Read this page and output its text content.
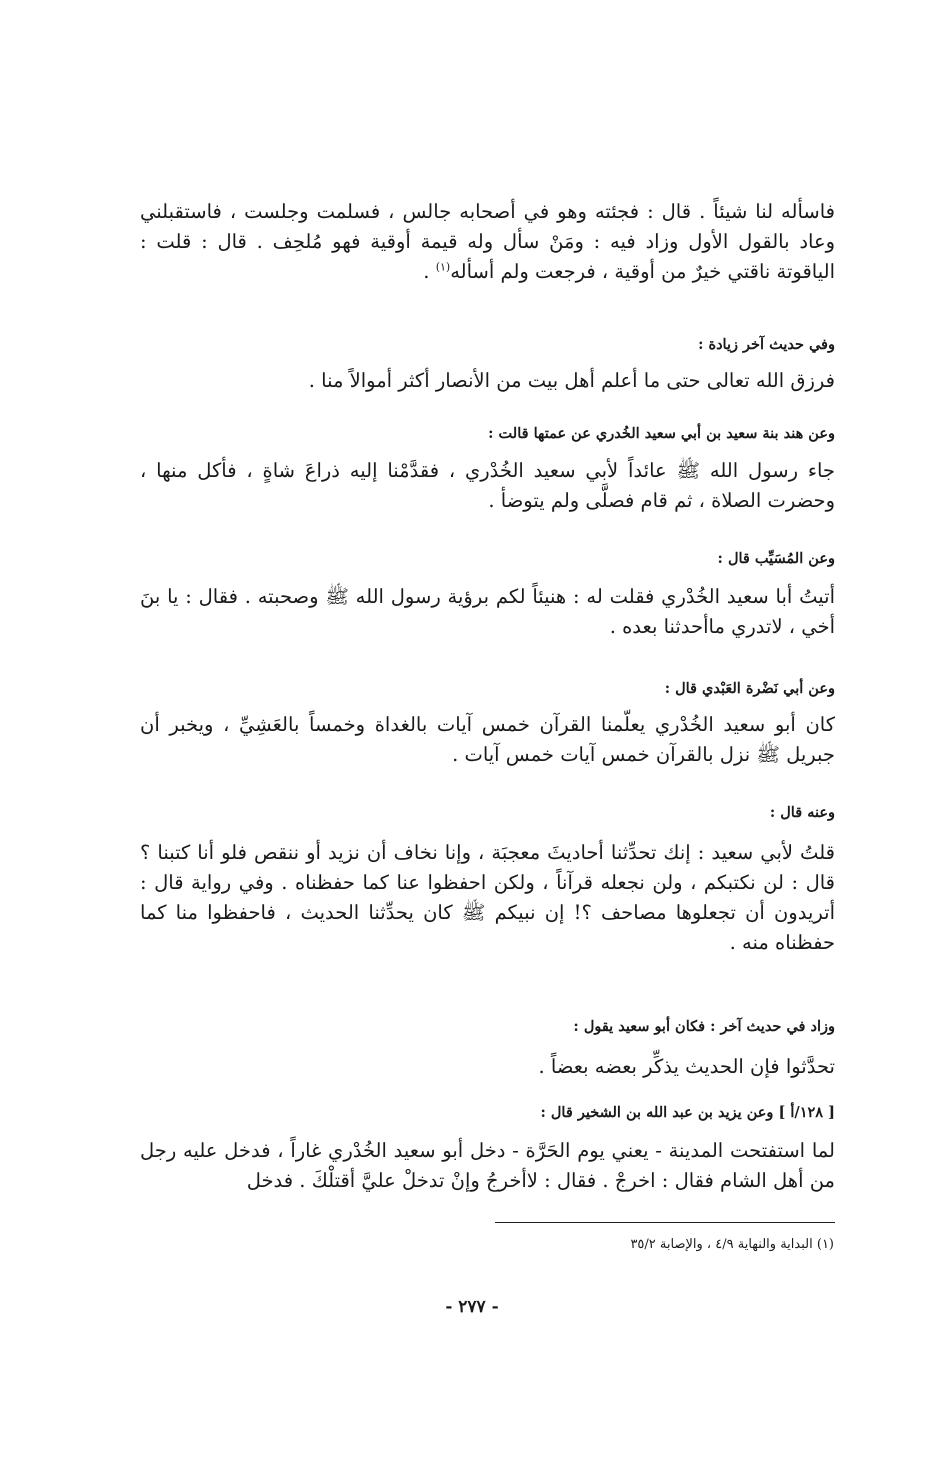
فاسأله لنا شيئاً . قال : فجئته وهو في أصحابه جالس ، فسلمت وجلست ، فاستقبلني وعاد بالقول الأول وزاد فيه : ومَنْ سأل وله قيمة أوقية فهو مُلحِف . قال : قلت : الياقوتة ناقتي خيرٌ من أوقية ، فرجعت ولم أسأله$^{(١)}$ .

وفي حديث آخر زيادة :

فرزق الله تعالى حتى ما أعلم أهل بيت من الأنصار أكثر أموالاً منا .

وعن هند بنة سعيد بن أبي سعيد الخُدري عن عمتها قالت :

جاء رسول الله ﷺ عائداً لأبي سعيد الخُدْري ، فقدَّمْنا إليه ذراعَ شاةٍ ، فأكل منها ، وحضرت الصلاة ، ثم قام فصلَّى ولم يتوضأ .

وعن المُسَيِّب قال :

أتيتُ أبا سعيد الخُدْري فقلت له : هنيئاً لكم برؤية رسول الله ﷺ وصحبته . فقال : يا بنَ أخي ، لاتدري ماأحدثنا بعده .

وعن أبي نَضْرة العَبْدي قال :

كان أبو سعيد الخُدْري يعلّمنا القرآن خمس آيات بالغداة وخمساً بالعَشِيِّ ، ويخبر أن جبريل ﷺ نزل بالقرآن خمس آيات خمس آيات .

وعنه قال :

قلتُ لأبي سعيد : إنك تحدِّثنا أحاديثَ معجبَة ، وإنا نخاف أن نزيد أو ننقص فلو أنا كتبنا ؟ قال : لن نكتبكم ، ولن نجعله قرآناً ، ولكن احفظوا عنا كما حفظناه . وفي رواية قال : أتريدون أن تجعلوها مصاحف ؟! إن نبيكم ﷺ كان يحدِّثنا الحديث ، فاحفظوا منا كما حفظناه منه .

وزاد في حديث آخر : فكان أبو سعيد يقول :

تحدَّثوا فإن الحديث يذكِّر بعضه بعضاً .

[ ١٢٨/أ ] وعن يزيد بن عبد الله بن الشخير قال :

لما استفتحت المدينة - يعني يوم الحَرَّة - دخل أبو سعيد الخُدْري غاراً ، فدخل عليه رجل من أهل الشام فقال : اخرجْ . فقال : لاأخرجُ وإنْ تدخلْ عليَّ أقتلْكَ . فدخل

(١) البداية والنهاية ٤/٩ ، والإصابة ٣٥/٢

- ٢٧٧ -
